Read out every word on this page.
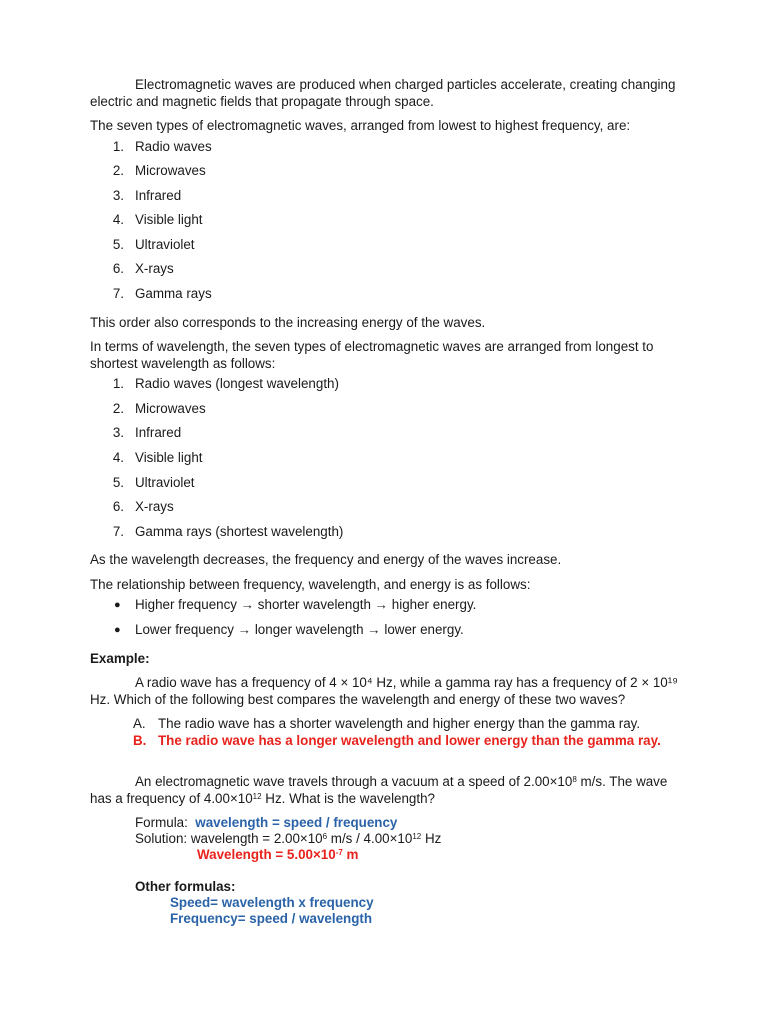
Electromagnetic waves are produced when charged particles accelerate, creating changing electric and magnetic fields that propagate through space.

The seven types of electromagnetic waves, arranged from lowest to highest frequency, are:

1. Radio waves
2. Microwaves
3. Infrared
4. Visible light
5. Ultraviolet
6. X-rays
7. Gamma rays

This order also corresponds to the increasing energy of the waves.

In terms of wavelength, the seven types of electromagnetic waves are arranged from longest to shortest wavelength as follows:

1. Radio waves (longest wavelength)
2. Microwaves
3. Infrared
4. Visible light
5. Ultraviolet
6. X-rays
7. Gamma rays (shortest wavelength)

As the wavelength decreases, the frequency and energy of the waves increase.

The relationship between frequency, wavelength, and energy is as follows:

● Higher frequency → shorter wavelength → higher energy.
● Lower frequency → longer wavelength → lower energy.

Example:

A radio wave has a frequency of 4 × 10⁴ Hz, while a gamma ray has a frequency of 2 × 10¹⁹ Hz. Which of the following best compares the wavelength and energy of these two waves?

A. The radio wave has a shorter wavelength and higher energy than the gamma ray.
B. The radio wave has a longer wavelength and lower energy than the gamma ray.

An electromagnetic wave travels through a vacuum at a speed of $2.00\times 10^8$ m/s. The wave has a frequency of $4.00\times 10^{12}$ Hz. What is the wavelength?

Formula: wavelength = speed / frequency
Solution: wavelength = $2.00\times 10^6$ $m/s / 4.00\times 10^{12}$ Hz
Wavelength = $5.00\times 10^{-7}$ m
Other formulas:
Speed= wavelength x frequency
Frequency= speed / wavelength
